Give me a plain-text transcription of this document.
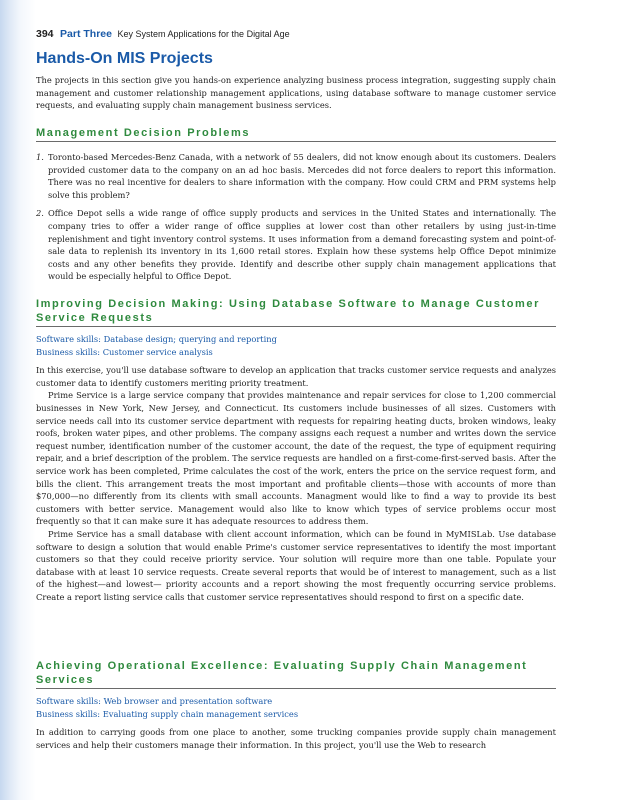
394 Part Three Key System Applications for the Digital Age
Hands-On MIS Projects

The projects in this section give you hands-on experience analyzing business process integration, suggesting supply chain management and customer relationship management applications, using database software to manage customer service requests, and evaluating supply chain management business services.

Management Decision Problems
1. Toronto-based Mercedes-Benz Canada, with a network of 55 dealers, did not know enough about its customers. Dealers provided customer data to the company on an ad hoc basis. Mercedes did not force dealers to report this information. There was no real incentive for dealers to share information with the company. How could CRM and PRM systems help solve this problem?

2. Office Depot sells a wide range of office supply products and services in the United States and internationally. The company tries to offer a wider range of office supplies at lower cost than other retailers by using just-in-time replenishment and tight inventory control systems. It uses information from a demand forecasting system and point-of-sale data to replenish its inventory in its 1,600 retail stores. Explain how these systems help Office Depot minimize costs and any other benefits they provide. Identify and describe other supply chain management applications that would be especially helpful to Office Depot.

Improving Decision Making: Using Database Software to Manage Customer Service Requests

Software skills: Database design; querying and reporting

Business skills: Customer service analysis

In this exercise, you'll use database software to develop an application that tracks customer service requests and analyzes customer data to identify customers meriting priority treatment.

Prime Service is a large service company that provides maintenance and repair services for close to 1,200 commercial businesses in New York, New Jersey, and Connecticut. Its customers include businesses of all sizes. Customers with service needs call into its customer service department with requests for repairing heating ducts, broken windows, leaky roofs, broken water pipes, and other problems. The company assigns each request a number and writes down the service request number, identification number of the customer account, the date of the request, the type of equipment requiring repair, and a brief description of the problem. The service requests are handled on a first-come-first-served basis. After the service work has been completed, Prime calculates the cost of the work, enters the price on the service request form, and bills the client. This arrangement treats the most important and profitable clients—those with accounts of more than $70,000—no differently from its clients with small accounts. Managment would like to find a way to provide its best customers with better service. Management would also like to know which types of service problems occur most frequently so that it can make sure it has adequate resources to address them.

Prime Service has a small database with client account information, which can be found in MyMISLab. Use database software to design a solution that would enable Prime's customer service representatives to identify the most important customers so that they could receive priority service. Your solution will require more than one table. Populate your database with at least 10 service requests. Create several reports that would be of interest to management, such as a list of the highest—and lowest— priority accounts and a report showing the most frequently occurring service problems. Create a report listing service calls that customer service representatives should respond to first on a specific date.

Achieving Operational Excellence: Evaluating Supply Chain Management Services

Software skills: Web browser and presentation software

Business skills: Evaluating supply chain management services

In addition to carrying goods from one place to another, some trucking companies provide supply chain management services and help their customers manage their information. In this project, you'll use the Web to research
